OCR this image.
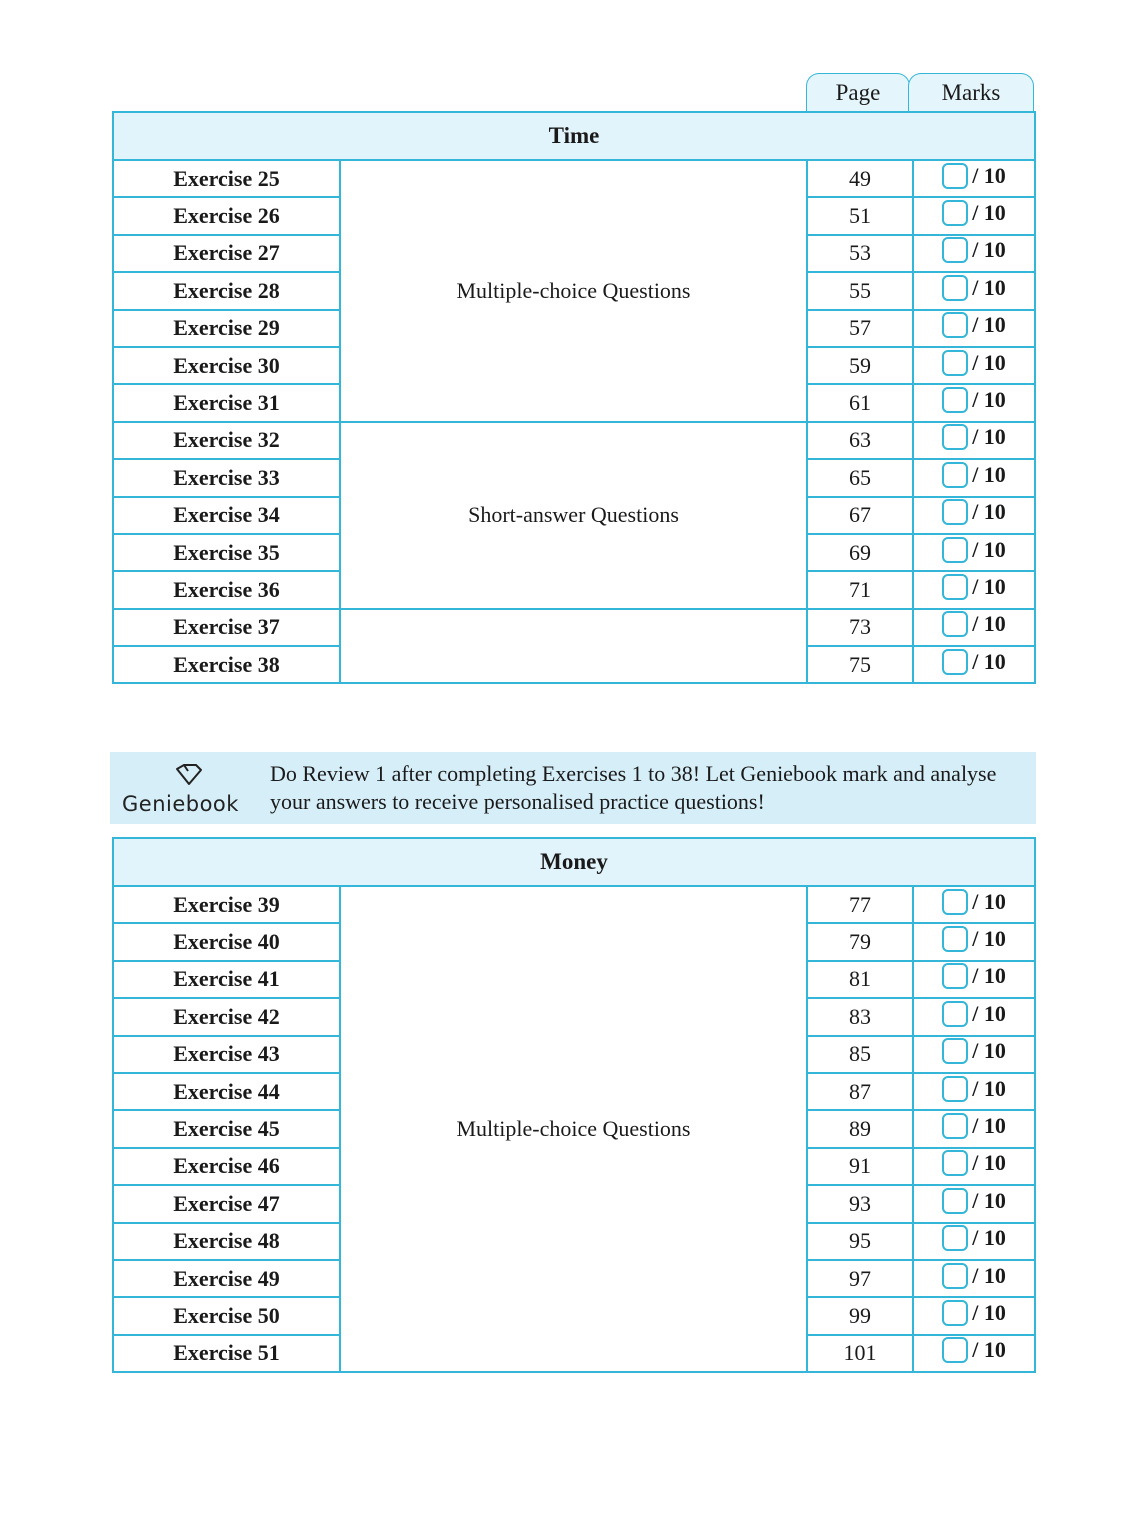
Page	Marks
Time			
Exercise 25	Multiple-choice Questions	49	/ 10

Exercise 26		51	/ 10

Exercise 27		53	/ 10

Exercise 28		55	/ 10

Exercise 29		57	/ 10

Exercise 30		59	/ 10

Exercise 31		61	/ 10

Exercise 32	Short-answer Questions	63	/ 10

Exercise 33		65	/ 10

Exercise 34		67	/ 10

Exercise 35		69	/ 10

Exercise 36		71	/ 10

Exercise 37		73	/ 10

Exercise 38		75	/ 10
Geniebook
Do Review 1 after completing Exercises 1 to 38! Let Geniebook mark and analyse your answers to receive personalised practice questions!
Money			
Exercise 39	Multiple-choice Questions	77	/ 10

Exercise 40		79	/ 10

Exercise 41		81	/ 10

Exercise 42		83	/ 10

Exercise 43		85	/ 10

Exercise 44		87	/ 10

Exercise 45		89	/ 10

Exercise 46		91	/ 10

Exercise 47		93	/ 10

Exercise 48		95	/ 10

Exercise 49		97	/ 10

Exercise 50		99	/ 10

Exercise 51		101	/ 10
